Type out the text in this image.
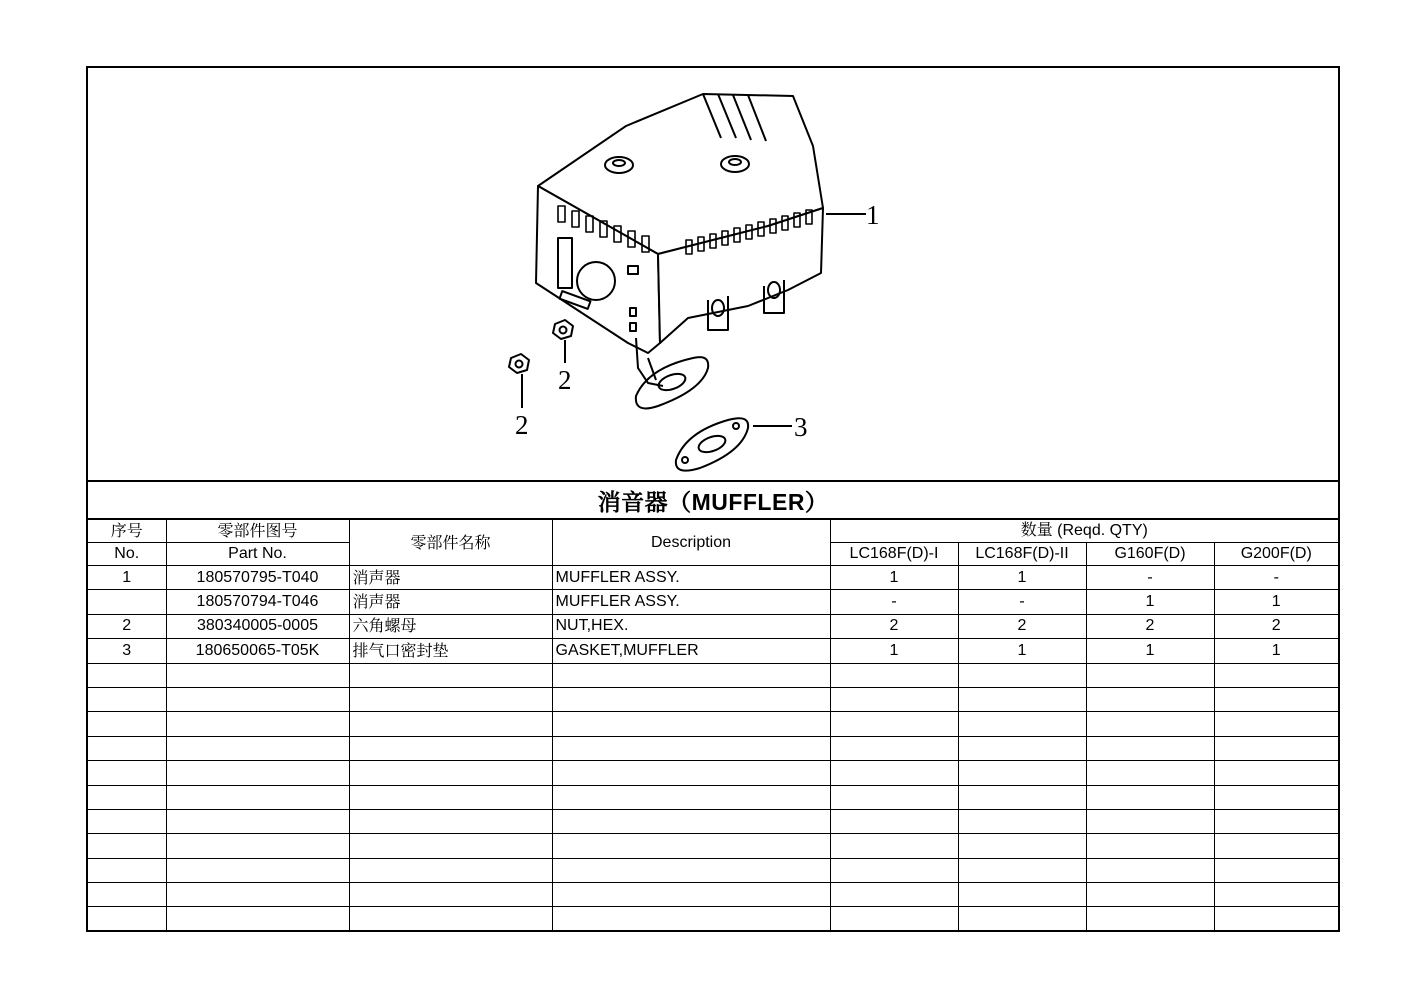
1
2
2	3
消音器（MUFFLER）
序号	零部件图号	零部件名称	Description	数量 (Reqd. QTY)			
No.	Part No.			LC168F(D)-I	LC168F(D)-II	G160F(D)	G200F(D)
1	180570795-T040	消声器	MUFFLER ASSY.	1	1	-	-
	180570794-T046	消声器	MUFFLER ASSY.	-	-	1	1
2	380340005-0005	六角螺母	NUT,HEX.	2	2	2	2
3	180650065-T05K	排气口密封垫	GASKET,MUFFLER	1	1	1	1
